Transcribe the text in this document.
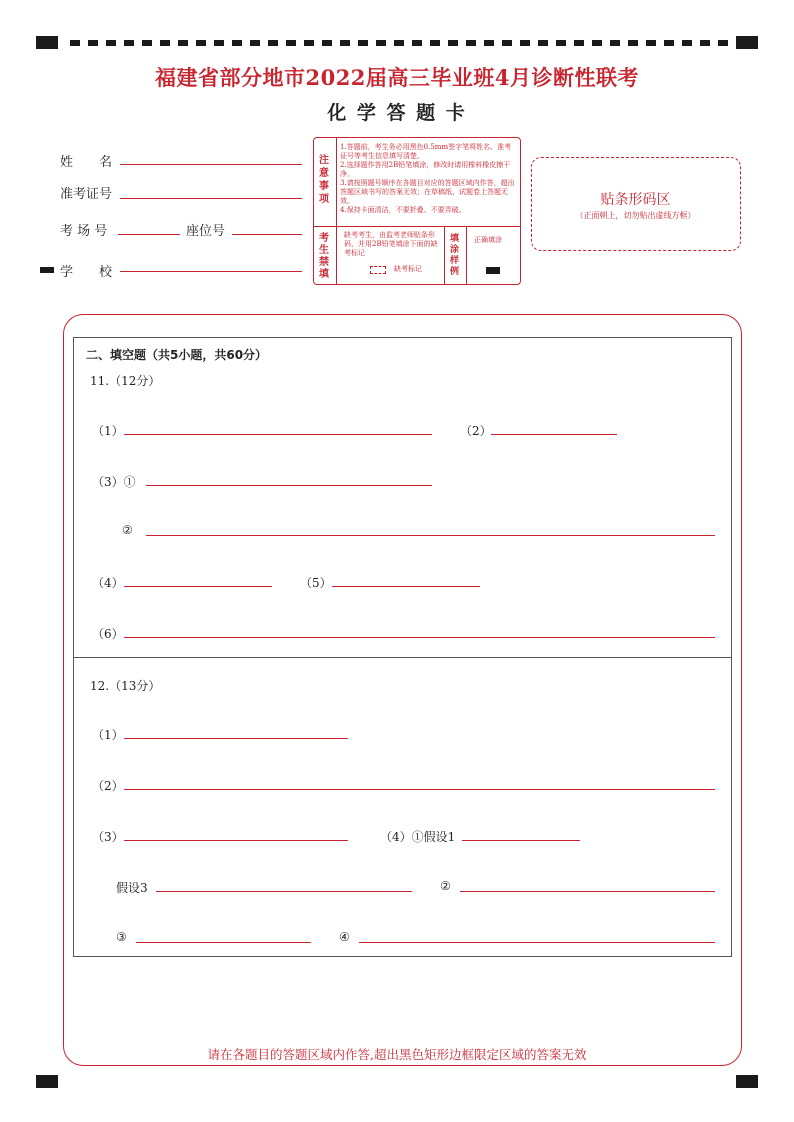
福建省部分地市2022届高三毕业班4月诊断性联考
化 学 答 题 卡
姓　　名
准考证号
考 场 号	座位号
学　　校
注意事项
1.答题前，考生务必用黑色0.5mm签字笔将姓名、准考证号等考生信息填写清楚。
2.选择题作答用2B铅笔填涂，修改时请用橡料橡皮擦干净。
3.请按照题号顺序在各题目对应的答题区域内作答，超出答题区域书写的答案无效；在草稿纸、试题卷上答题无效。
4.保持卡面清洁，不要折叠、不要弄破。
考生禁填
缺考考生，由监考老师贴条形码，并用2B铅笔填涂下面的缺考标记
缺考标记
填涂样例
正确填涂
贴条形码区
（正面朝上，切勿贴出虚线方框）
二、填空题（共5小题，共60分）
11.（12分）
（1）	（2）
（3）①
②
（4）	（5）
（6）
12.（13分）
（1）
（2）
（3）	（4）①假设1
假设3	②
③	④
请在各题目的答题区域内作答,超出黑色矩形边框限定区域的答案无效
